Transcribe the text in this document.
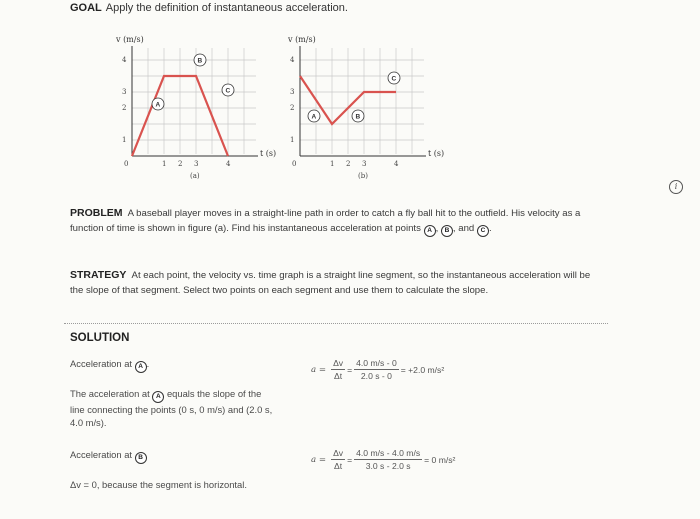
GOAL Apply the definition of instantaneous acceleration.
v (m/s)
t (s)
1
2
3
4
0	1 2 3	4
(a)
A
B
C
v (m/s)
t (s)
1
2
3
4
0	1 2 3	4
(b)
A	B
C
i
PROBLEM A baseball player moves in a straight-line path in order to catch a fly ball hit to the outfield. His velocity as a function of time is shown in figure (a). Find his instantaneous acceleration at points A , B , and C .
STRATEGY At each point, the velocity vs. time graph is a straight line segment, so the instantaneous acceleration will be the slope of that segment. Select two points on each segment and use them to calculate the slope.
SOLUTION
Acceleration at A .
$a = \frac{\Delta v}{\Delta t} = \frac{4.0 m/s - 0}{2.0 s - 0} = +2.0$ m/s²
The acceleration at A equals the slope of the line connecting the points (0 s, 0 m/s) and (2.0 s, 4.0 m/s).
Acceleration at B	$a = \frac{\Delta v}{\Delta t} = \frac{4.0 m/s - 4.0 m/s}{3.0 s - 2.0 s} = 0$ m/s²
Δv = 0, because the segment is horizontal.
